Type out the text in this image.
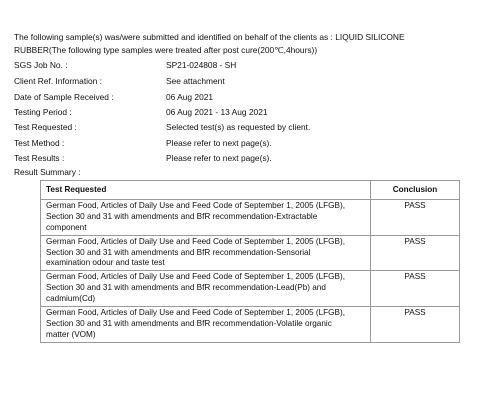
The following sample(s) was/were submitted and identified on behalf of the clients as : LIQUID SILICONE
RUBBER(The following type samples were treated after post cure(200℃,4hours))
SGS Job No. :	SP21-024808 - SH
Client Ref. Information :	See attachment
Date of Sample Received :	06 Aug 2021
Testing Period :	06 Aug 2021 - 13 Aug 2021
Test Requested :	Selected test(s) as requested by client.
Test Method :	Please refer to next page(s).
Test Results :	Please refer to next page(s).
Result Summary :
Test Requested	Conclusion

German Food, Articles of Daily Use and Feed Code of September 1, 2005 (LFGB),
Section 30 and 31 with amendments and BfR recommendation-Extractable
component	PASS

German Food, Articles of Daily Use and Feed Code of September 1, 2005 (LFGB),
Section 30 and 31 with amendments and BfR recommendation-Sensorial
examination odour and taste test	PASS

German Food, Articles of Daily Use and Feed Code of September 1, 2005 (LFGB),
Section 30 and 31 with amendments and BfR recommendation-Lead(Pb) and
cadmium(Cd)	PASS

German Food, Articles of Daily Use and Feed Code of September 1, 2005 (LFGB),
Section 30 and 31 with amendments and BfR recommendation-Volatile organic
matter (VOM)	PASS
